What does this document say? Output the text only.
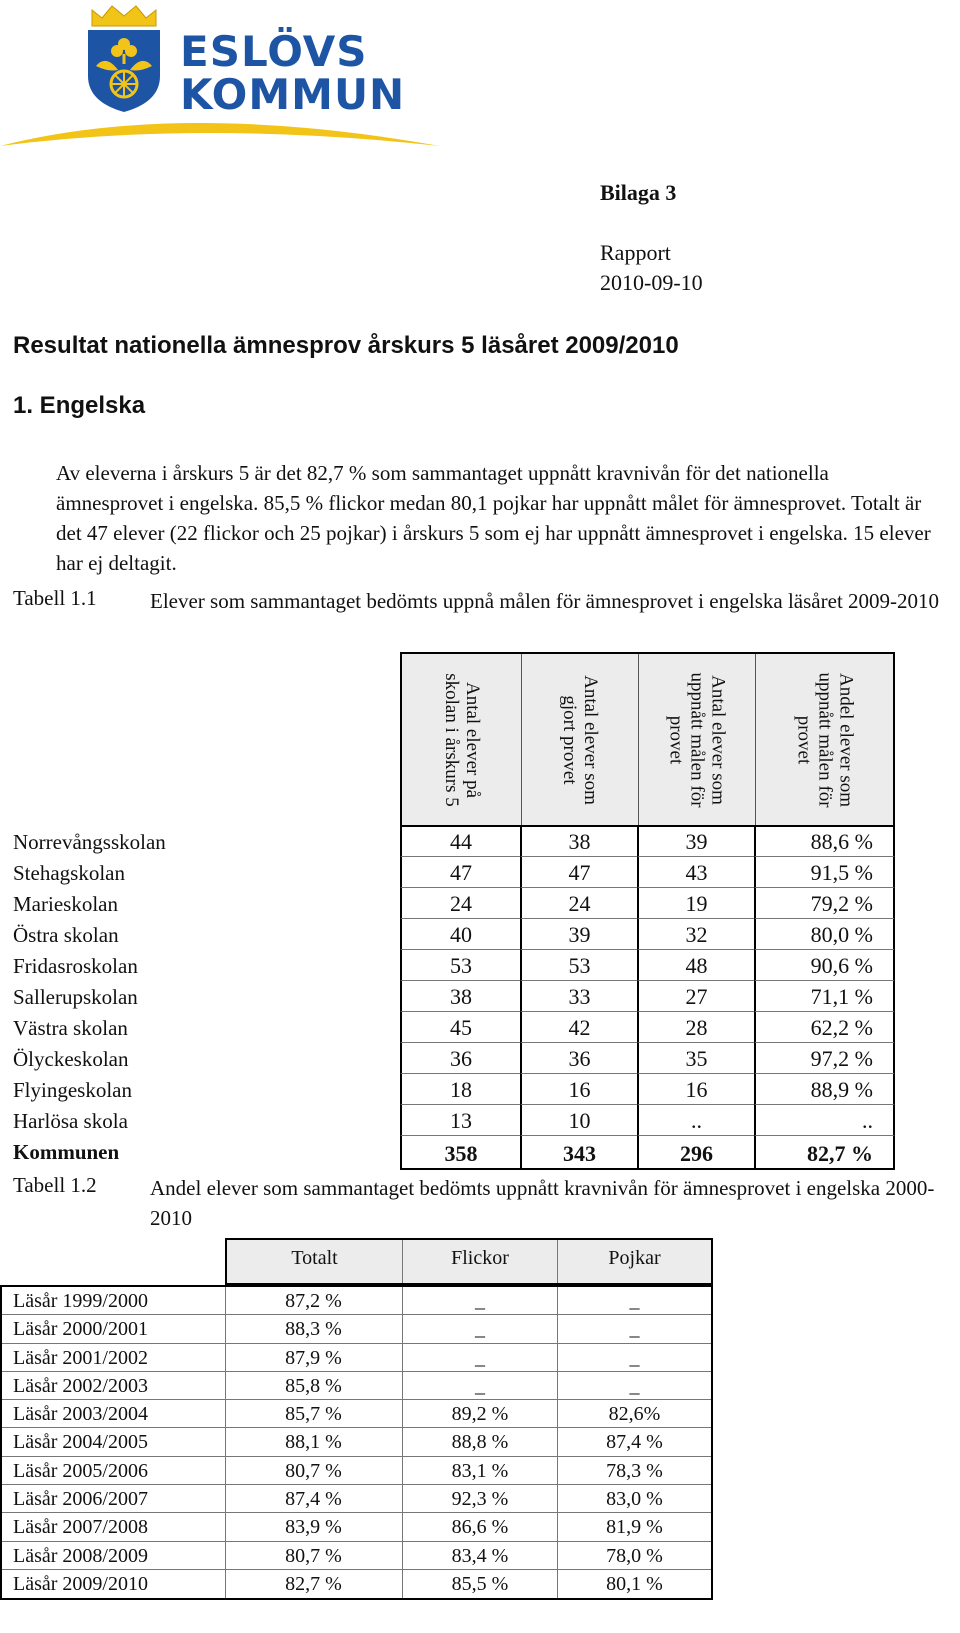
ESLÖVS
KOMMUN
Bilaga 3
Rapport
2010-09-10
Resultat nationella ämnesprov årskurs 5 läsåret 2009/2010
1. Engelska
Av eleverna i årskurs 5 är det 82,7 % som sammantaget uppnått kravnivån för det nationella ämnesprovet i engelska. 85,5 % flickor medan 80,1 pojkar har uppnått målet för ämnesprovet. Totalt är det 47 elever (22 flickor och 25 pojkar) i årskurs 5 som ej har uppnått ämnesprovet i engelska. 15 elever har ej deltagit.
Tabell 1.1	Elever som sammantaget bedömts uppnå målen för ämnesprovet i engelska läsåret 2009-2010
Antal elever på skolan i årskurs 5	Antal elever som gjort provet	Antal elever som uppnått målen för provet	Andel elever som uppnått målen för provet
Norrevångsskolan	44	38	39	88,6 %
Stehagskolan	47	47	43	91,5 %
Marieskolan	24	24	19	79,2 %
Östra skolan	40	39	32	80,0 %
Fridasroskolan	53	53	48	90,6 %
Sallerupskolan	38	33	27	71,1 %
Västra skolan	45	42	28	62,2 %
Ölyckeskolan	36	36	35	97,2 %
Flyingeskolan	18	16	16	88,9 %
Harlösa skola	13	10	..	..
Kommunen	358	343	296	82,7 %
Tabell 1.2	Andel elever som sammantaget bedömts uppnått kravnivån för ämnesprovet i engelska 2000-2010
Totalt	Flickor	Pojkar
Läsår 1999/2000	87,2 %	_	_
Läsår 2000/2001	88,3 %	_	_
Läsår 2001/2002	87,9 %	_	_
Läsår 2002/2003	85,8 %	_	_
Läsår 2003/2004	85,7 %	89,2 %	82,6%
Läsår 2004/2005	88,1 %	88,8 %	87,4 %
Läsår 2005/2006	80,7 %	83,1 %	78,3 %
Läsår 2006/2007	87,4 %	92,3 %	83,0 %
Läsår 2007/2008	83,9 %	86,6 %	81,9 %
Läsår 2008/2009	80,7 %	83,4 %	78,0 %
Läsår 2009/2010	82,7 %	85,5 %	80,1 %
